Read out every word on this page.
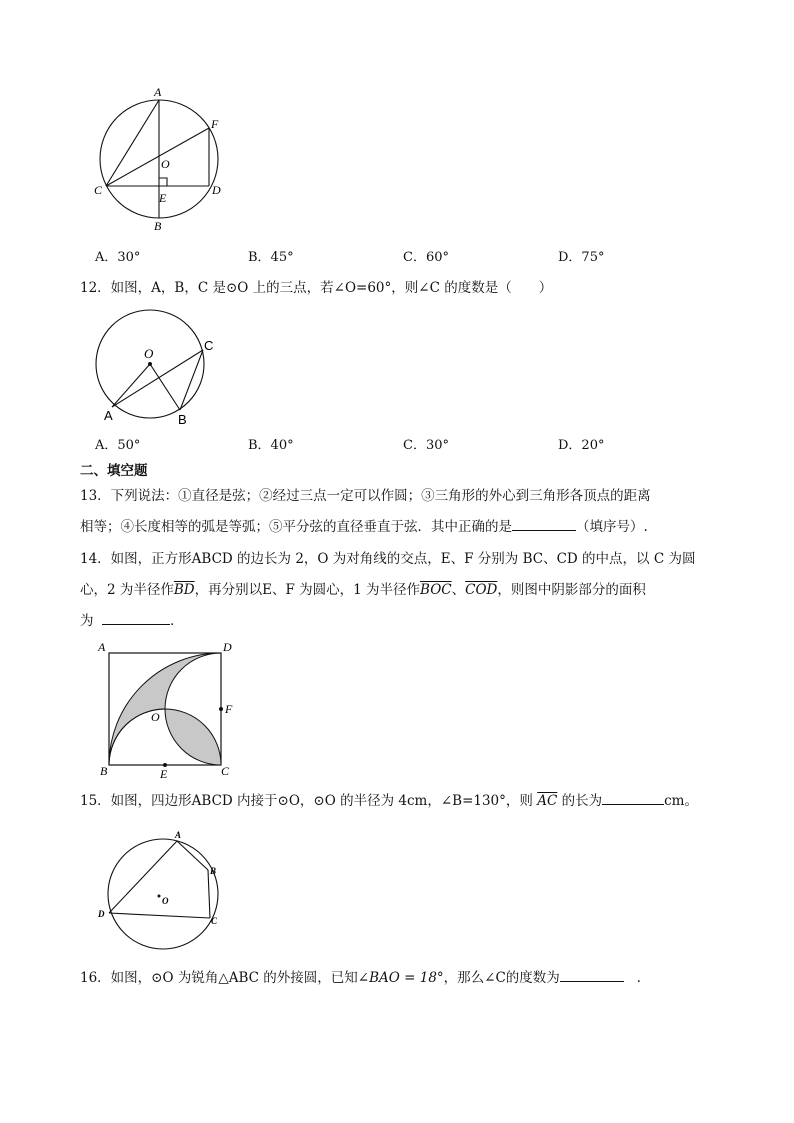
A
F
O
C	D
E
B
A．30°	B．45°	C．60°	D．75°
12．如图，A，B，C 是⊙O 上的三点，若∠O=60°，则∠C 的度数是（　　）
O
C
A	B
A．50°	B．40°	C．30°	D．20°
二、填空题
13．下列说法：①直径是弦；②经过三点一定可以作圆；③三角形的外心到三角形各顶点的距离
相等；④长度相等的弧是等弧；⑤平分弦的直径垂直于弦．其中正确的是	（填序号）.
14．如图，正方形ABCD 的边长为 2，O 为对角线的交点，E、F 分别为 BC、CD 的中点，以 C 为圆
心，2 为半径作$\overline{BD}$，再分别以E、F 为圆心，1 为半径作$\overline{BOC}$、$\overline{COD}$，则图中阴影部分的面积
为	．
A	D
F
O
B	E	C
15．如图，四边形ABCD 内接于⊙O，⊙O 的半径为 4cm，∠B=130°，则 $\overline{AC}$ 的长为	cm。
A
B
C
D
O
16．如图，⊙O 为锐角△ABC 的外接圆，已知∠BAO = 18°，那么∠C的度数为	．
